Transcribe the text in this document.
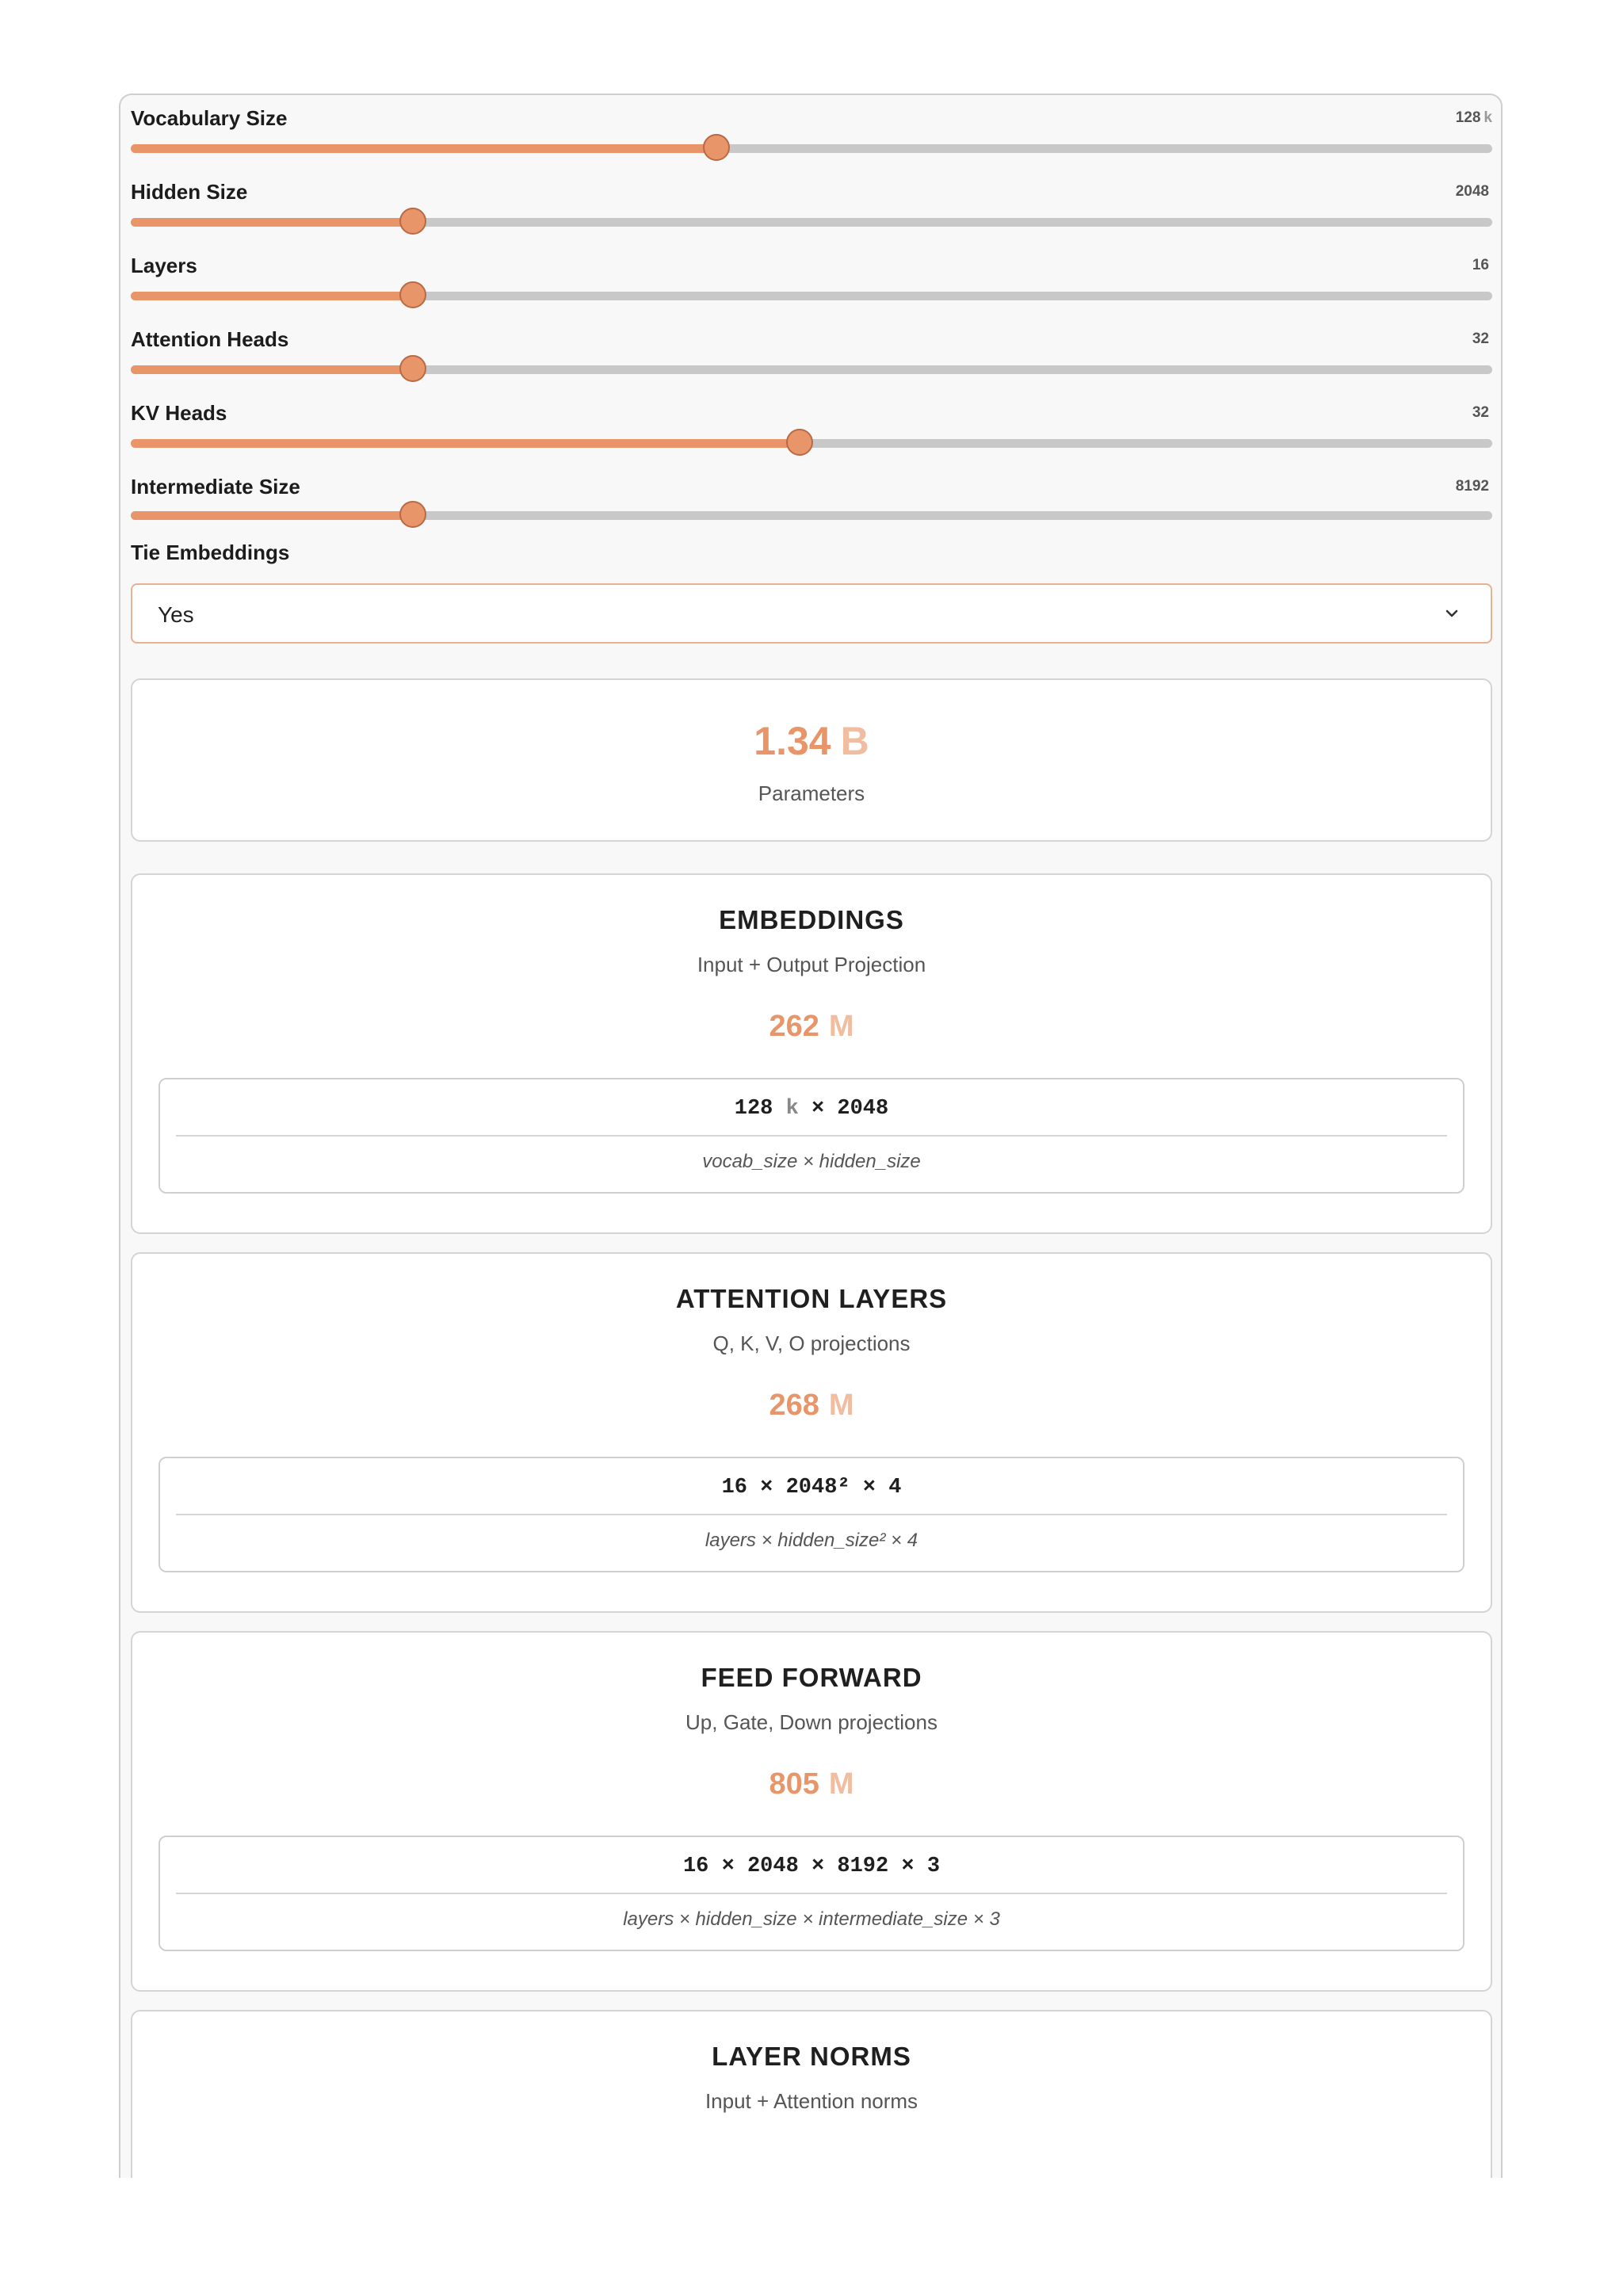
Vocabulary Size	128 k
Hidden Size	2048
Layers	16
Attention Heads	32
KV Heads	32
Intermediate Size	8192
Tie Embeddings
Yes
1.34 B
Parameters
EMBEDDINGS
Input + Output Projection
262 M
128 k × 2048
vocab_size × hidden_size
ATTENTION LAYERS
Q, K, V, O projections
268 M
16 × 2048² × 4
layers × hidden_size² × 4
FEED FORWARD
Up, Gate, Down projections
805 M
16 × 2048 × 8192 × 3
layers × hidden_size × intermediate_size × 3
LAYER NORMS
Input + Attention norms
